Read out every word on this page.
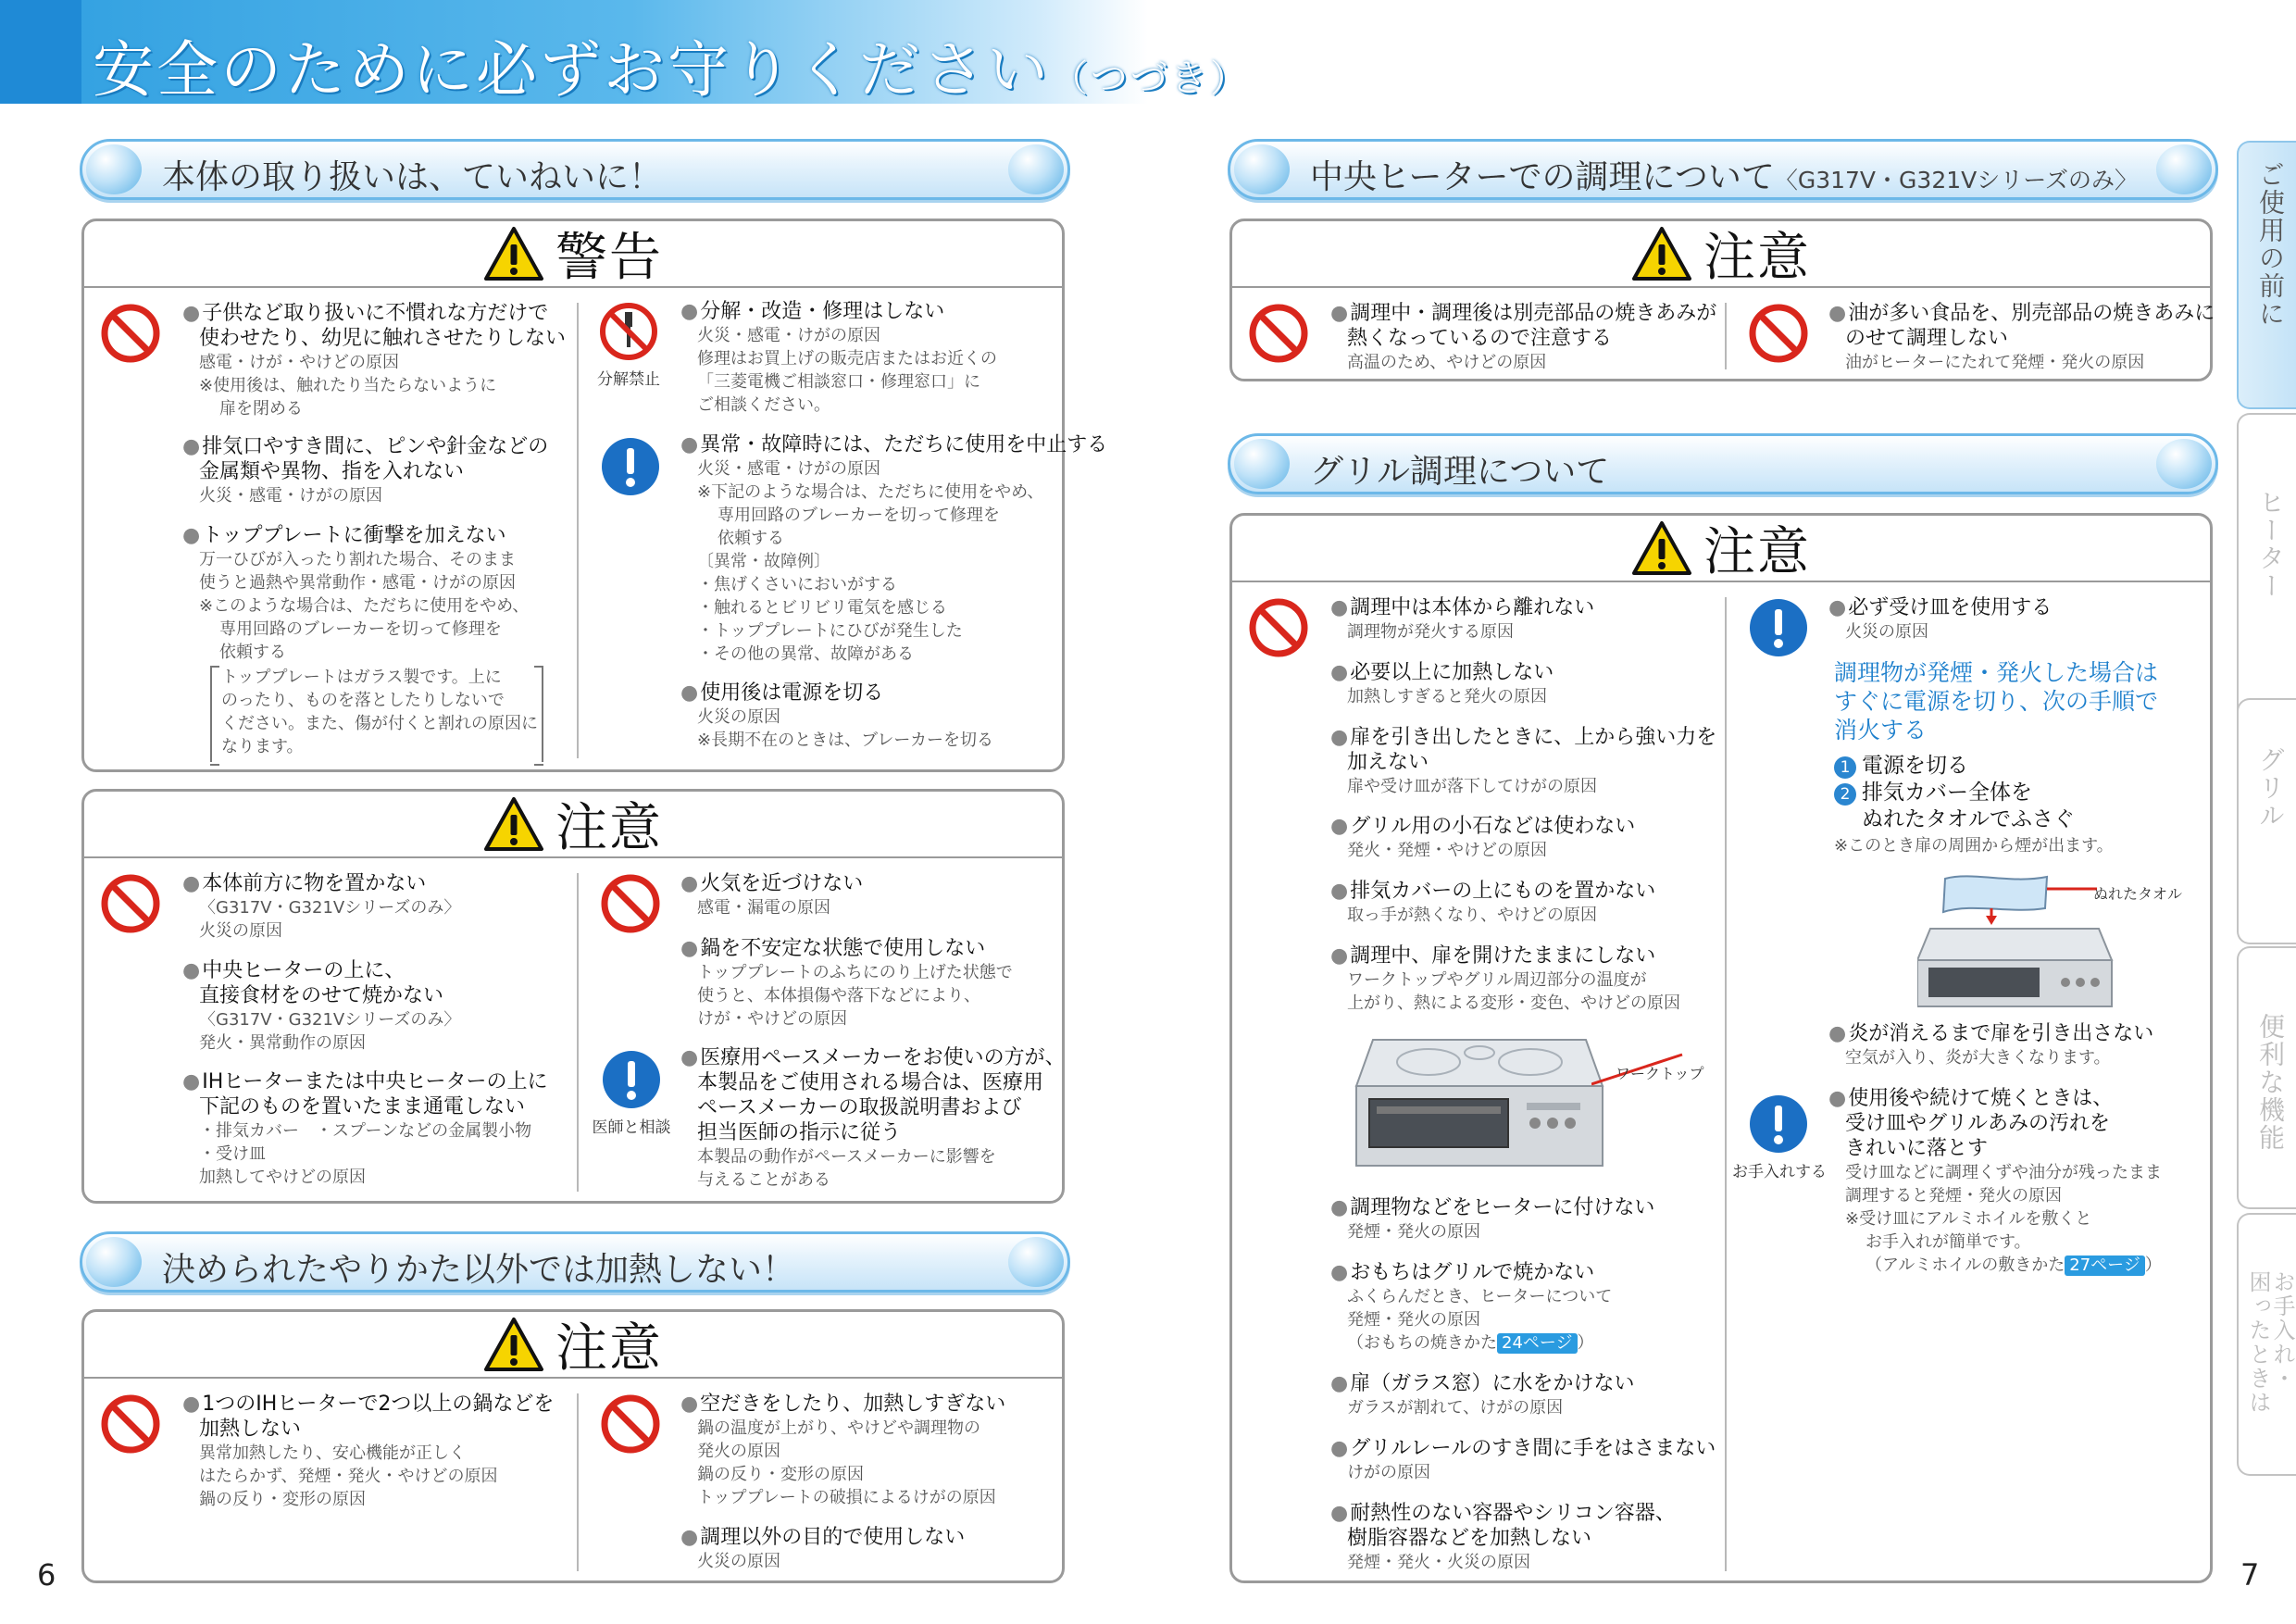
安全のために必ずお守りください（つづき）
本体の取り扱いは、ていねいに！
警告
●子供など取り扱いに不慣れな方だけで
使わせたり、幼児に触れさせたりしない
感電・けが・やけどの原因
※使用後は、触れたり当たらないように
扉を閉める
●排気口やすき間に、ピンや針金などの
金属類や異物、指を入れない
火災・感電・けがの原因
●トッププレートに衝撃を加えない
万一ひびが入ったり割れた場合、そのまま
使うと過熱や異常動作・感電・けがの原因
※このような場合は、ただちに使用をやめ、
専用回路のブレーカーを切って修理を
依頼する
トッププレートはガラス製です。上に
のったり、ものを落としたりしないで
ください。また、傷が付くと割れの原因に
なります。
分解禁止
●分解・改造・修理はしない
火災・感電・けがの原因
修理はお買上げの販売店またはお近くの
「三菱電機ご相談窓口・修理窓口」に
ご相談ください。
●異常・故障時には、ただちに使用を中止する
火災・感電・けがの原因
※下記のような場合は、ただちに使用をやめ、
専用回路のブレーカーを切って修理を
依頼する
〔異常・故障例〕
・焦げくさいにおいがする
・触れるとビリビリ電気を感じる
・トッププレートにひびが発生した
・その他の異常、故障がある
●使用後は電源を切る
火災の原因
※長期不在のときは、ブレーカーを切る
注意
●本体前方に物を置かない
〈G317V・G321Vシリーズのみ〉
火災の原因
●中央ヒーターの上に、
直接食材をのせて焼かない
〈G317V・G321Vシリーズのみ〉
発火・異常動作の原因
●IHヒーターまたは中央ヒーターの上に
下記のものを置いたまま通電しない
・排気カバー　・スプーンなどの金属製小物
・受け皿
加熱してやけどの原因
●火気を近づけない
感電・漏電の原因
●鍋を不安定な状態で使用しない
トッププレートのふちにのり上げた状態で
使うと、本体損傷や落下などにより、
けが・やけどの原因
医師と相談
●医療用ペースメーカーをお使いの方が、
本製品をご使用される場合は、医療用
ペースメーカーの取扱説明書および
担当医師の指示に従う
本製品の動作がペースメーカーに影響を
与えることがある
決められたやりかた以外では加熱しない！
注意
●1つのIHヒーターで2つ以上の鍋などを
加熱しない
異常加熱したり、安心機能が正しく
はたらかず、発煙・発火・やけどの原因
鍋の反り・変形の原因
●空だきをしたり、加熱しすぎない
鍋の温度が上がり、やけどや調理物の
発火の原因
鍋の反り・変形の原因
トッププレートの破損によるけがの原因
●調理以外の目的で使用しない
火災の原因
6
中央ヒーターでの調理について〈G317V・G321Vシリーズのみ〉
注意
●調理中・調理後は別売部品の焼きあみが
熱くなっているので注意する
高温のため、やけどの原因
●油が多い食品を、別売部品の焼きあみに
のせて調理しない
油がヒーターにたれて発煙・発火の原因
グリル調理について
注意
●調理中は本体から離れない
調理物が発火する原因
●必要以上に加熱しない
加熱しすぎると発火の原因
●扉を引き出したときに、上から強い力を
加えない
扉や受け皿が落下してけがの原因
●グリル用の小石などは使わない
発火・発煙・やけどの原因
●排気カバーの上にものを置かない
取っ手が熱くなり、やけどの原因
●調理中、扉を開けたままにしない
ワークトップやグリル周辺部分の温度が
上がり、熱による変形・変色、やけどの原因
ワークトップ
●調理物などをヒーターに付けない
発煙・発火の原因
●おもちはグリルで焼かない
ふくらんだとき、ヒーターについて
発煙・発火の原因
（おもちの焼きかた 24ページ ）
●扉（ガラス窓）に水をかけない
ガラスが割れて、けがの原因
●グリルレールのすき間に手をはさまない
けがの原因
●耐熱性のない容器やシリコン容器、
樹脂容器などを加熱しない
発煙・発火・火災の原因
●必ず受け皿を使用する
火災の原因
調理物が発煙・発火した場合は
すぐに電源を切り、次の手順で
消火する
1 電源を切る
2 排気カバー全体を
ぬれたタオルでふさぐ
※このとき扉の周囲から煙が出ます。
ぬれたタオル
●炎が消えるまで扉を引き出さない
空気が入り、炎が大きくなります。
お手入れする
●使用後や続けて焼くときは、
受け皿やグリルあみの汚れを
きれいに落とす
受け皿などに調理くずや油分が残ったまま
調理すると発煙・発火の原因
※受け皿にアルミホイルを敷くと
お手入れが簡単です。
（アルミホイルの敷きかた 27ページ ）
7
ご使用の前に
ヒーター
グリル
便利な機能
お手入れ・
困ったときは
